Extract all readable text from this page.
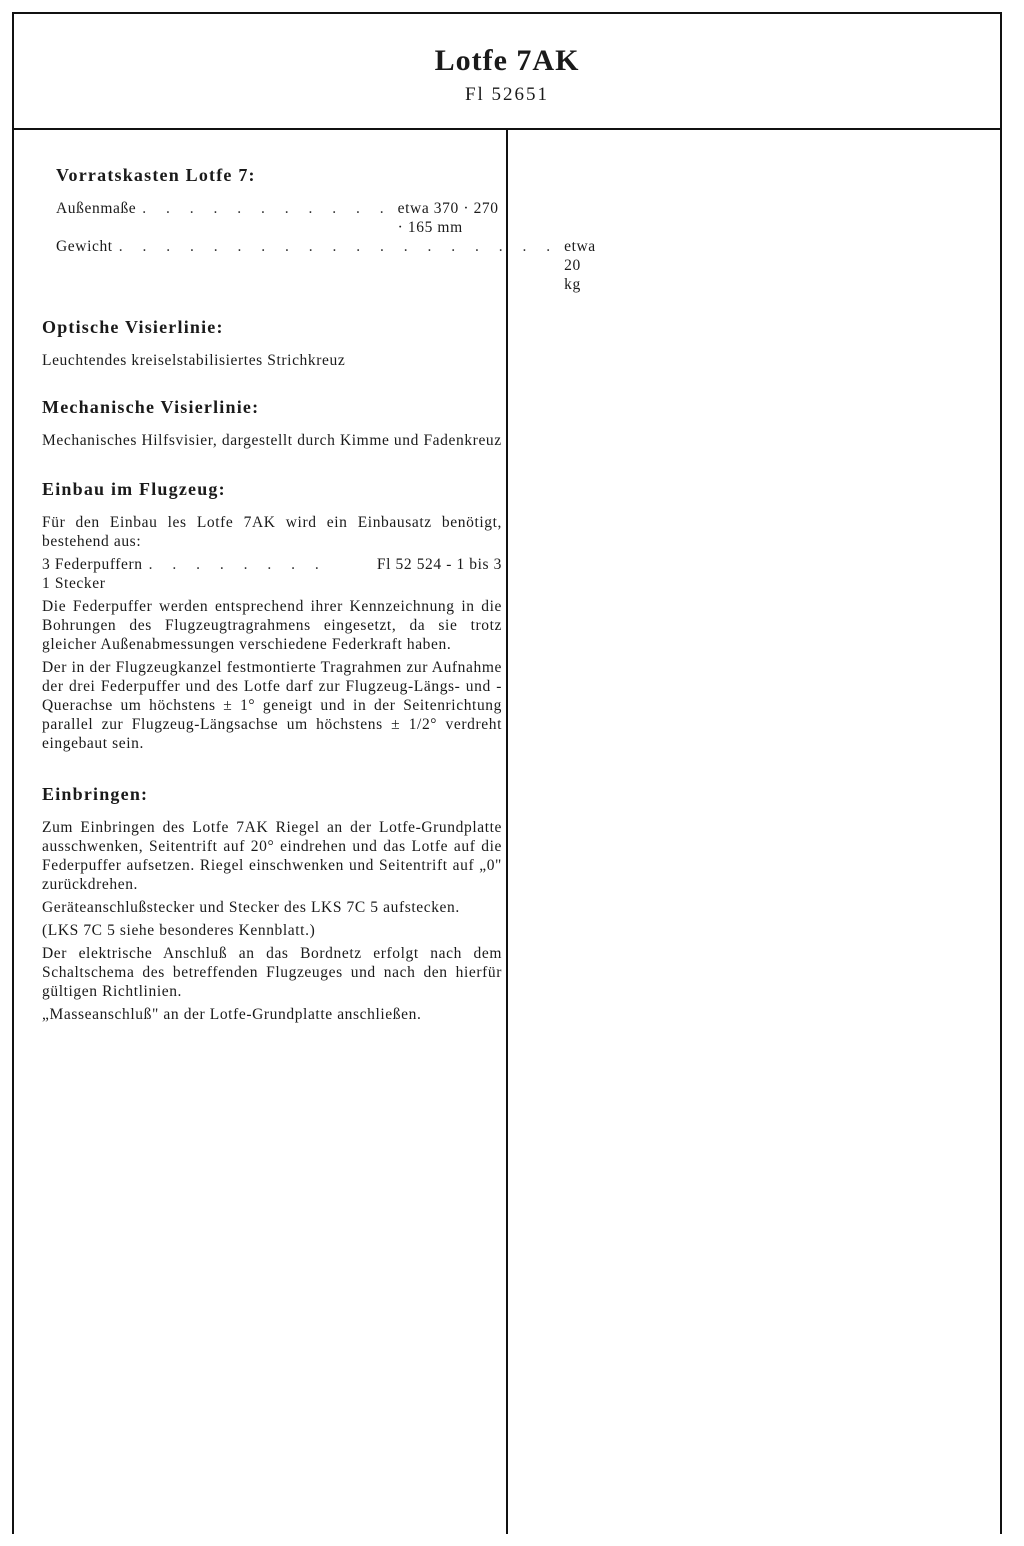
Lotfe 7AK
Fl 52651
Vorratskasten Lotfe 7:
Außenmaße . . . . . . . . . . . etwa 370 · 270 · 165 mm
Gewicht . . . . . . . . . . . . . . . . . . . etwa 20 kg
Optische Visierlinie:
Leuchtendes kreiselstabilisiertes Strichkreuz
Mechanische Visierlinie:
Mechanisches Hilfsvisier, dargestellt durch Kimme und Fadenkreuz
Einbau im Flugzeug:
Für den Einbau les Lotfe 7AK wird ein Einbausatz benötigt, bestehend aus:
3 Federpuffern . . . . . . . .	Fl 52 524 - 1 bis 3
1 Stecker
Die Federpuffer werden entsprechend ihrer Kennzeichnung in die Bohrungen des Flugzeugtragrahmens eingesetzt, da sie trotz gleicher Außenabmessungen verschiedene Federkraft haben.
Der in der Flugzeugkanzel festmontierte Tragrahmen zur Aufnahme der drei Federpuffer und des Lotfe darf zur Flugzeug-Längs- und -Querachse um höchstens ± 1° geneigt und in der Seitenrichtung parallel zur Flugzeug-Längsachse um höchstens ± 1/2° verdreht eingebaut sein.
Einbringen:
Zum Einbringen des Lotfe 7AK Riegel an der Lotfe-Grundplatte ausschwenken, Seitentrift auf 20° eindrehen und das Lotfe auf die Federpuffer aufsetzen. Riegel einschwenken und Seitentrift auf „0" zurückdrehen.
Geräteanschlußstecker und Stecker des LKS 7C 5 aufstecken.
(LKS 7C 5 siehe besonderes Kennblatt.)
Der elektrische Anschluß an das Bordnetz erfolgt nach dem Schaltschema des betreffenden Flugzeuges und nach den hierfür gültigen Richtlinien.
„Masseanschluß" an der Lotfe-Grundplatte anschließen.
